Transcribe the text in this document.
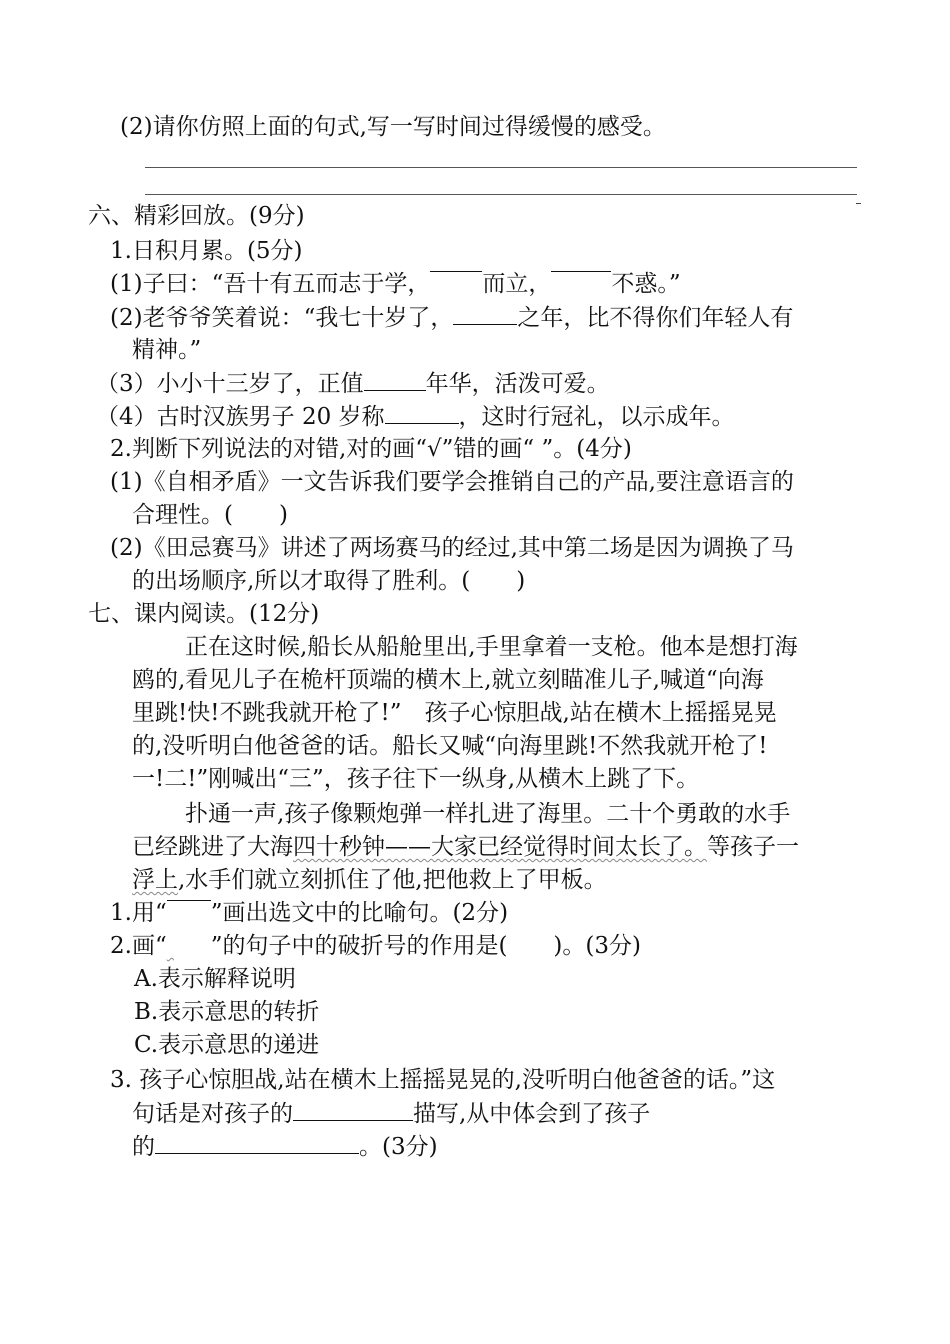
(2)请你仿照上面的句式,写一写时间过得缓慢的感受。
六、精彩回放。(9分)
1.日积月累。(5分)
(1)子曰：“吾十有五而志于学， 而立，	不惑。”
(2)老爷爷笑着说：“我七十岁了，	之年，比不得你们年轻人有
精神。”
（3）小小十三岁了，正值	年华，活泼可爱。
（4）古时汉族男子 20 岁称	，这时行冠礼，以示成年。
2.判断下列说法的对错,对的画“√”错的画“ ”。(4分)
(1)《自相矛盾》一文告诉我们要学会推销自己的产品,要注意语言的
合理性。(　　)
(2)《田忌赛马》讲述了两场赛马的经过,其中第二场是因为调换了马
的出场顺序,所以才取得了胜利。(　　)
七、课内阅读。(12分)
正在这时候,船长从船舱里出,手里拿着一支枪。他本是想打海
鸥的,看见儿子在桅杆顶端的横木上,就立刻瞄准儿子,喊道“向海
里跳!快!不跳我就开枪了!”　孩子心惊胆战,站在横木上摇摇晃晃
的,没听明白他爸爸的话。船长又喊“向海里跳!不然我就开枪了!
一!二!”刚喊出“三”，孩子往下一纵身,从横木上跳了下。
扑通一声,孩子像颗炮弹一样扎进了海里。二十个勇敢的水手
已经跳进了大海四十秒钟——大家已经觉得时间太长了。等孩子一
浮上,水手们就立刻抓住了他,把他救上了甲板。
1.用“ ”画出选文中的比喻句。(2分)
2.画“ ”的句子中的破折号的作用是(　　)。(3分)
A.表示解释说明
B.表示意思的转折
C.表示意思的递进
3. 孩子心惊胆战,站在横木上摇摇晃晃的,没听明白他爸爸的话。”这
句话是对孩子的	描写,从中体会到了孩子
的	。(3分)
